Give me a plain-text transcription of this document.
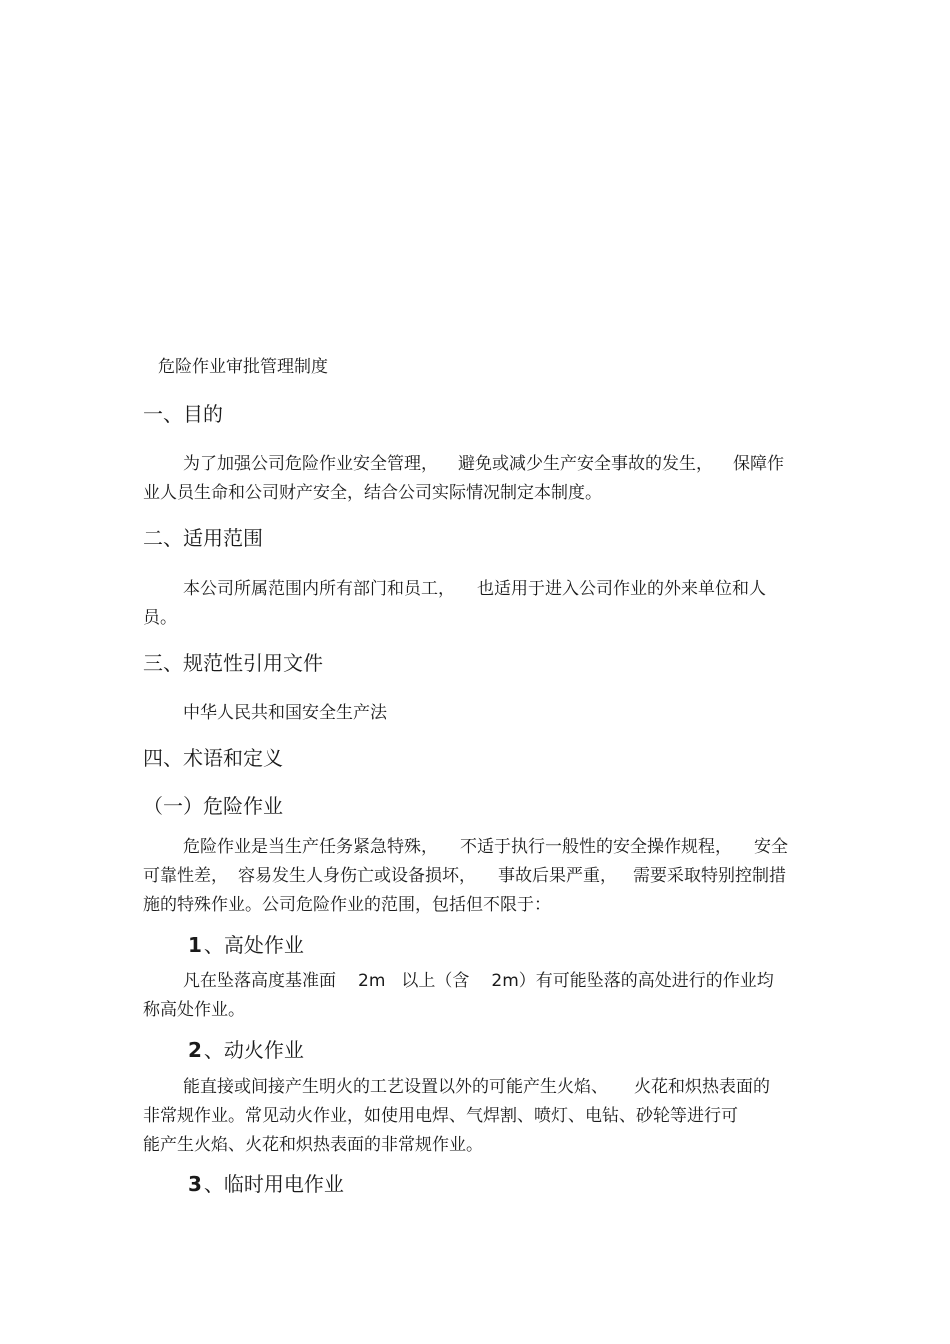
危险作业审批管理制度

一、目的

为了加强公司危险作业安全管理， 避免或减少生产安全事故的发生， 保障作

业人员生命和公司财产安全，结合公司实际情况制定本制度。

二、适用范围

本公司所属范围内所有部门和员工， 也适用于进入公司作业的外来单位和人

员。

三、规范性引用文件

中华人民共和国安全生产法

四、术语和定义
（一）危险作业

危险作业是当生产任务紧急特殊， 不适于执行一般性的安全操作规程， 安全

可靠性差， 容易发生人身伤亡或设备损坏， 事故后果严重， 需要采取特别控制措

施的特殊作业。公司危险作业的范围，包括但不限于：

1 、高处作业

凡在坠落高度基准面 2m 以上（含 2m）有可能坠落的高处进行的作业均

称高处作业。

2 、动火作业

能直接或间接产生明火的工艺设置以外的可能产生火焰、 火花和炽热表面的

非常规作业。常见动火作业，如使用电焊、气焊割、喷灯、电钻、砂轮等进行可

能产生火焰、火花和炽热表面的非常规作业。

3 、临时用电作业
